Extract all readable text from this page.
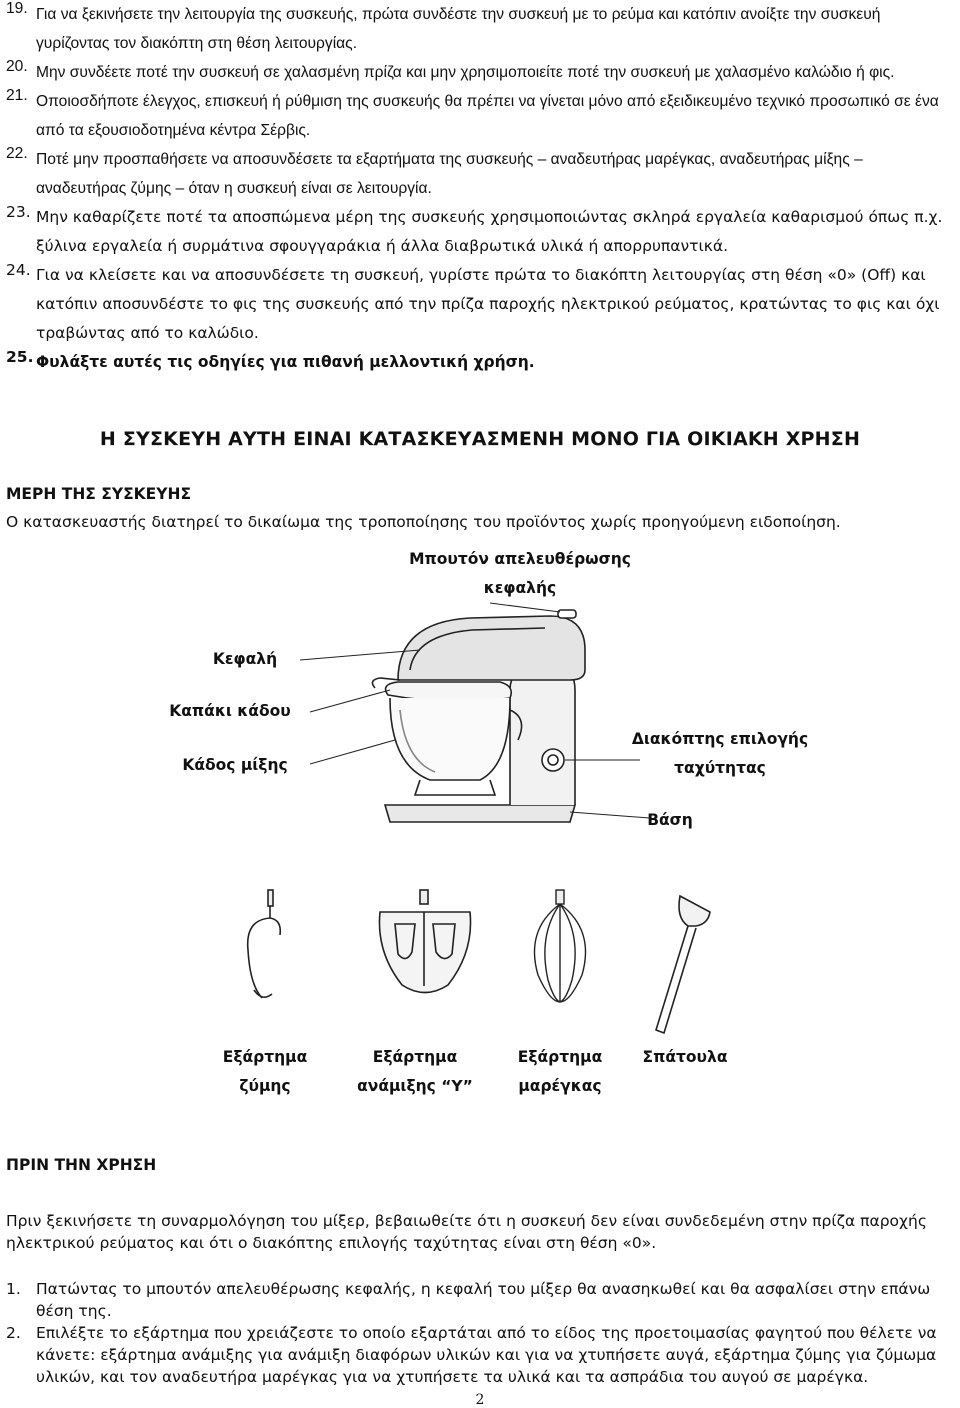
19. Για να ξεκινήσετε την λειτουργία της συσκευής, πρώτα συνδέστε την συσκευή με το ρεύμα και κατόπιν ανοίξτε την συσκευή γυρίζοντας τον διακόπτη στη θέση λειτουργίας.
20. Μην συνδέετε ποτέ την συσκευή σε χαλασμένη πρίζα και μην χρησιμοποιείτε ποτέ την συσκευή με χαλασμένο καλώδιο ή φις.
21. Οποιοσδήποτε έλεγχος, επισκευή ή ρύθμιση της συσκευής θα πρέπει να γίνεται μόνο από εξειδικευμένο τεχνικό προσωπικό σε ένα από τα εξουσιοδοτημένα κέντρα Σέρβις.
22. Ποτέ μην προσπαθήσετε να αποσυνδέσετε τα εξαρτήματα της συσκευής – αναδευτήρας μαρέγκας, αναδευτήρας μίξης – αναδευτήρας ζύμης – όταν η συσκευή είναι σε λειτουργία.
23. Μην καθαρίζετε ποτέ τα αποσπώμενα μέρη της συσκευής χρησιμοποιώντας σκληρά εργαλεία καθαρισμού όπως π.χ. ξύλινα εργαλεία ή συρμάτινα σφουγγαράκια ή άλλα διαβρωτικά υλικά ή απορρυπαντικά.
24. Για να κλείσετε και να αποσυνδέσετε τη συσκευή, γυρίστε πρώτα το διακόπτη λειτουργίας στη θέση «0» (Off) και κατόπιν αποσυνδέστε το φις της συσκευής από την πρίζα παροχής ηλεκτρικού ρεύματος, κρατώντας το φις και όχι τραβώντας από το καλώδιο.
25. Φυλάξτε αυτές τις οδηγίες για πιθανή μελλοντική χρήση.
Η ΣΥΣΚΕΥΗ ΑΥΤΗ ΕΙΝΑΙ ΚΑΤΑΣΚΕΥΑΣΜΕΝΗ ΜΟΝΟ ΓΙΑ ΟΙΚΙΑΚΗ ΧΡΗΣΗ
ΜΕΡΗ ΤΗΣ ΣΥΣΚΕΥΗΣ
Ο κατασκευαστής διατηρεί το δικαίωμα της τροποποίησης του προϊόντος χωρίς προηγούμενη ειδοποίηση.
Μπουτόν απελευθέρωσης
κεφαλής
Κεφαλή
Καπάκι κάδου
Κάδος μίξης
Διακόπτης επιλογής
ταχύτητας
Βάση
Εξάρτημα
ζύμης
Εξάρτημα
ανάμιξης “Y”
Εξάρτημα
μαρέγκας
Σπάτουλα
ΠΡΙΝ ΤΗΝ ΧΡΗΣΗ
Πριν ξεκινήσετε τη συναρμολόγηση του μίξερ, βεβαιωθείτε ότι η συσκευή δεν είναι συνδεδεμένη στην πρίζα παροχής ηλεκτρικού ρεύματος και ότι ο διακόπτης επιλογής ταχύτητας είναι στη θέση «0».
1. Πατώντας το μπουτόν απελευθέρωσης κεφαλής, η κεφαλή του μίξερ θα ανασηκωθεί και θα ασφαλίσει στην επάνω θέση της.
2. Επιλέξτε το εξάρτημα που χρειάζεστε το οποίο εξαρτάται από το είδος της προετοιμασίας φαγητού που θέλετε να κάνετε: εξάρτημα ανάμιξης για ανάμιξη διαφόρων υλικών και για να χτυπήσετε αυγά, εξάρτημα ζύμης για ζύμωμα υλικών, και τον αναδευτήρα μαρέγκας για να χτυπήσετε τα υλικά και τα ασπράδια του αυγού σε μαρέγκα.
2
